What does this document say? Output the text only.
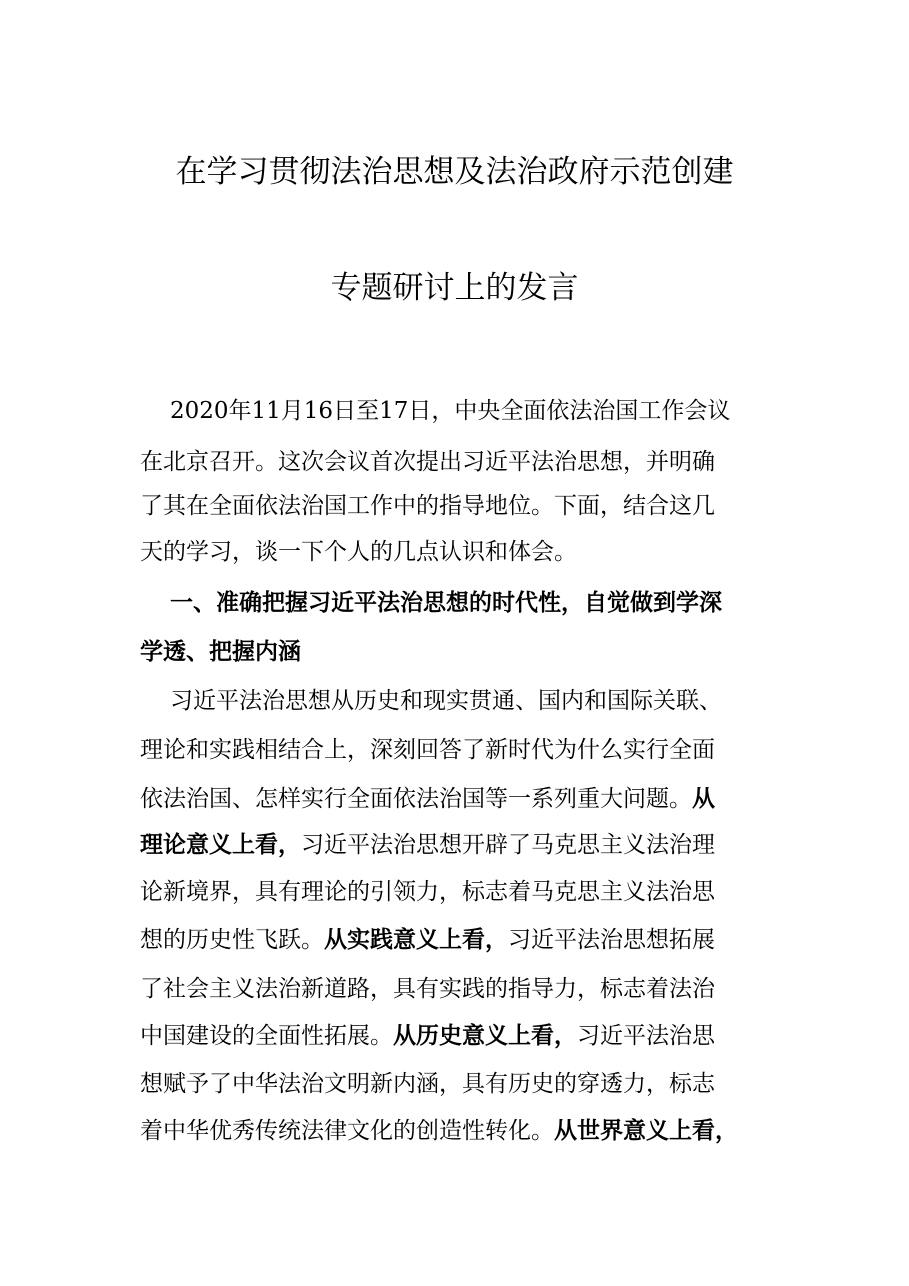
在学习贯彻法治思想及法治政府示范创建
专题研讨上的发言

2020年11月16日至17日，中央全面依法治国工作会议

在北京召开。这次会议首次提出习近平法治思想，并明确

了其在全面依法治国工作中的指导地位。下面，结合这几

天的学习，谈一下个人的几点认识和体会。

一、准确把握习近平法治思想的时代性，自觉做到学深

学透、把握内涵

习近平法治思想从历史和现实贯通、国内和国际关联、

理论和实践相结合上，深刻回答了新时代为什么实行全面

依法治国、怎样实行全面依法治国等一系列重大问题。从

理论意义上看，习近平法治思想开辟了马克思主义法治理

论新境界，具有理论的引领力，标志着马克思主义法治思

想的历史性飞跃。从实践意义上看，习近平法治思想拓展

了社会主义法治新道路，具有实践的指导力，标志着法治

中国建设的全面性拓展。从历史意义上看，习近平法治思

想赋予了中华法治文明新内涵，具有历史的穿透力，标志

着中华优秀传统法律文化的创造性转化。从世界意义上看，
